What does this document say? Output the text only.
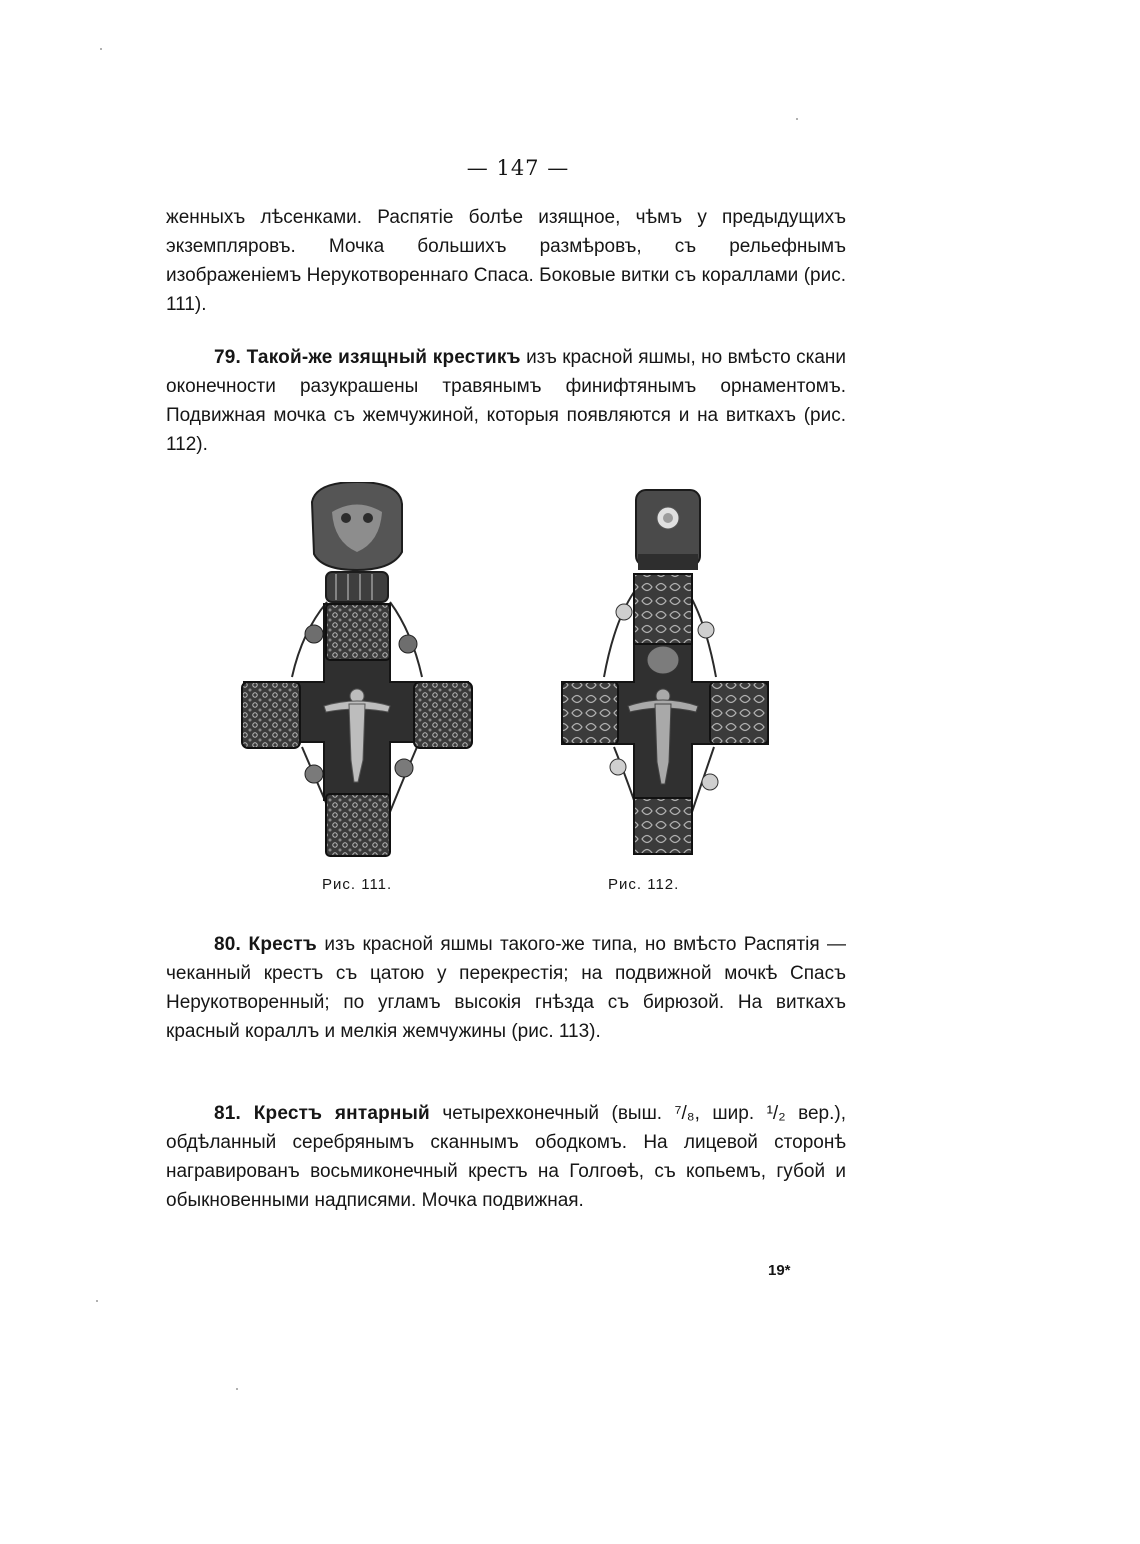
— 147 —

женныхъ лѣсенками. Распятіе болѣе изящное, чѣмъ у предыдущихъ экземпляровъ. Мочка большихъ размѣровъ, съ рельефнымъ изображеніемъ Нерукотвореннаго Спаса. Боковые витки съ кораллами (рис. 111).

79. Такой-же изящный крестикъ изъ красной яшмы, но вмѣсто скани оконечности разукрашены травянымъ финифтянымъ орнаментомъ. Подвижная мочка съ жемчужиной, которыя появляются и на виткахъ (рис. 112).

Рис. 111.	Рис. 112.

80. Крестъ изъ красной яшмы такого-же типа, но вмѣсто Распятія — чеканный крестъ съ цатою у перекрестія; на подвижной мочкѣ Спасъ Нерукотворенный; по угламъ высокія гнѣзда съ бирюзой. На виткахъ красный кораллъ и мелкія жемчужины (рис. 113).

81. Крестъ янтарный четырехконечный (выш. ⁷/₈, шир. ¹/₂ вер.), обдѣланный серебрянымъ сканнымъ ободкомъ. На лицевой сторонѣ награвированъ восьмиконечный крестъ на Голгоѳѣ, съ копьемъ, губой и обыкновенными надписями. Мочка подвижная.

19*
